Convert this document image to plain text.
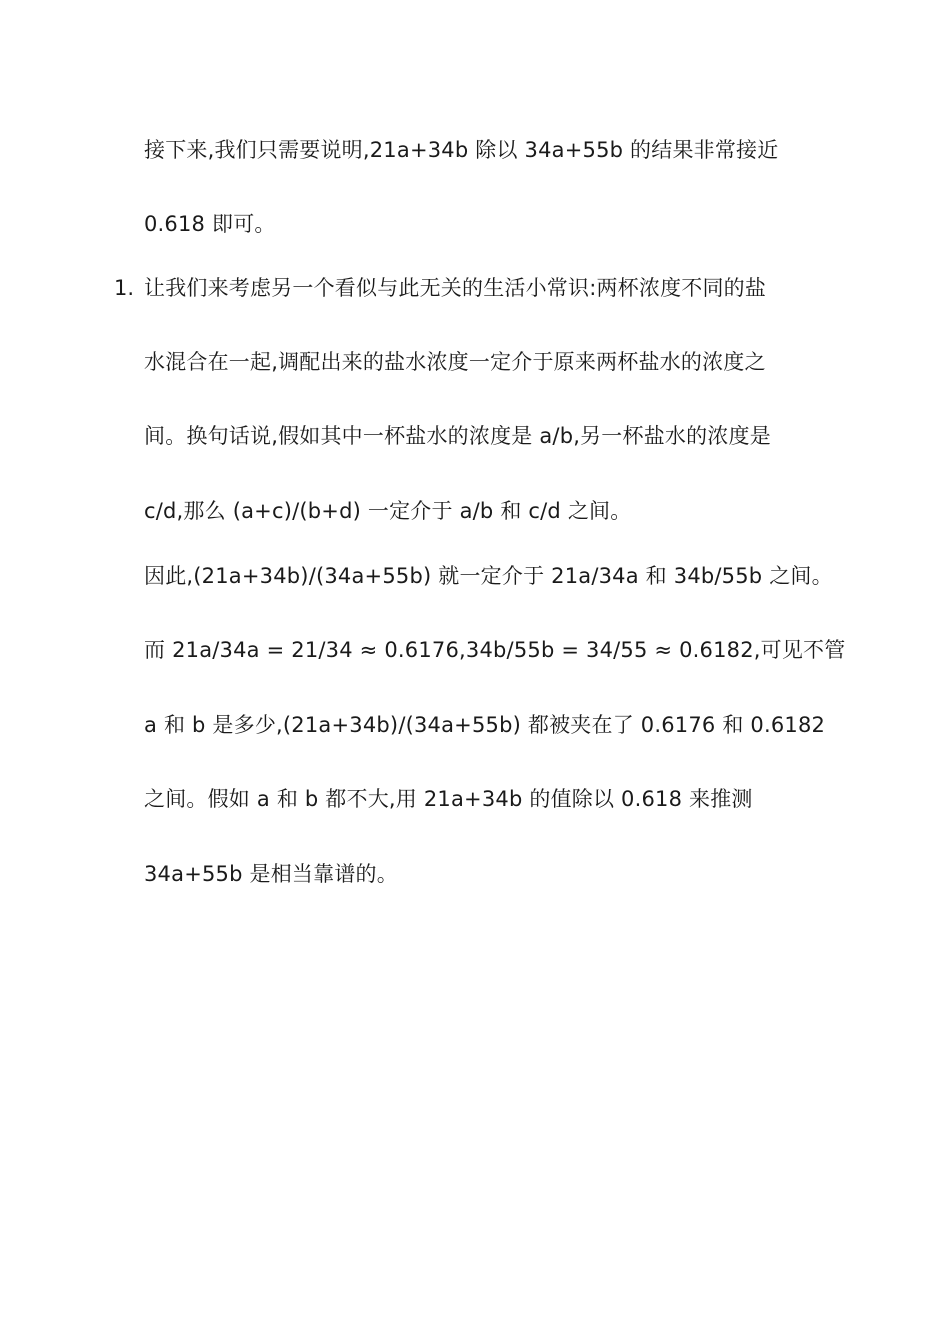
接下来,我们只需要说明,21a+34b 除以 34a+55b 的结果非常接近
0.618 即可。
1. 让我们来考虑另一个看似与此无关的生活小常识:两杯浓度不同的盐
水混合在一起,调配出来的盐水浓度一定介于原来两杯盐水的浓度之
间。换句话说,假如其中一杯盐水的浓度是 a/b,另一杯盐水的浓度是
c/d,那么 (a+c)/(b+d) 一定介于 a/b 和 c/d 之间。
因此,(21a+34b)/(34a+55b) 就一定介于 21a/34a 和 34b/55b 之间。
而 21a/34a = 21/34 ≈ 0.6176,34b/55b = 34/55 ≈ 0.6182,可见不管
a 和 b 是多少,(21a+34b)/(34a+55b) 都被夹在了 0.6176 和 0.6182
之间。假如 a 和 b 都不大,用 21a+34b 的值除以 0.618 来推测
34a+55b 是相当靠谱的。
